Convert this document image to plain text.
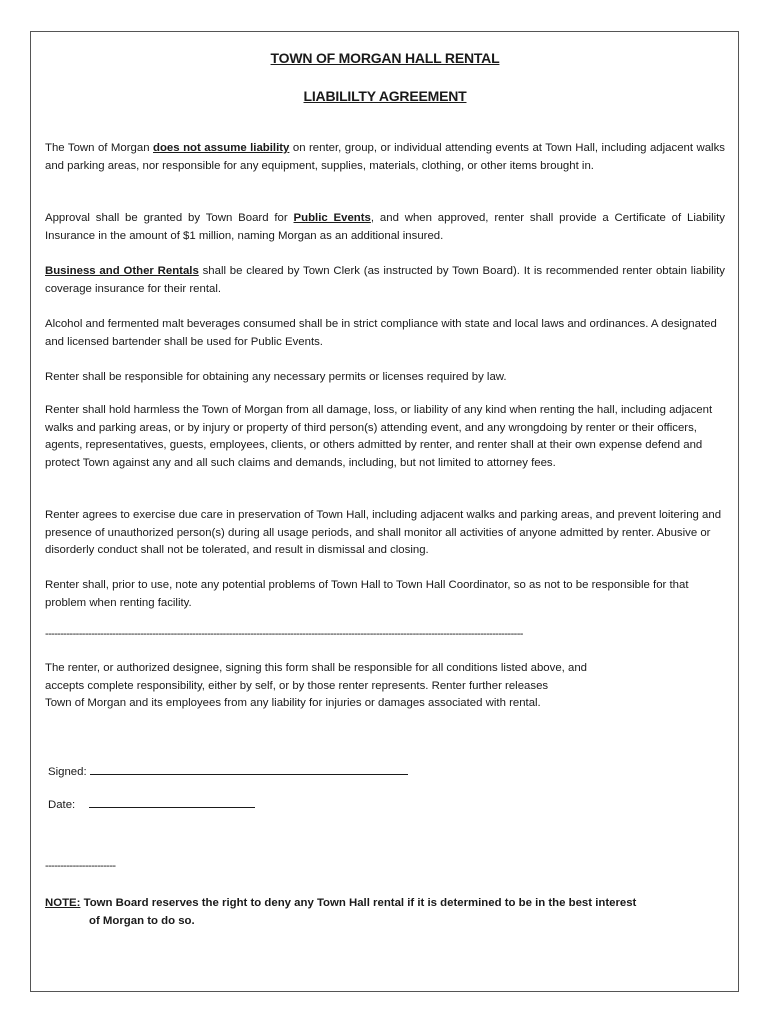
TOWN OF MORGAN HALL RENTAL
LIABILILTY AGREEMENT

The Town of Morgan does not assume liability on renter, group, or individual attending events at Town Hall, including adjacent walks and parking areas, nor responsible for any equipment, supplies, materials, clothing, or other items brought in.

Approval shall be granted by Town Board for Public Events, and when approved, renter shall provide a Certificate of Liability Insurance in the amount of $1 million, naming Morgan as an additional insured.

Business and Other Rentals shall be cleared by Town Clerk (as instructed by Town Board). It is recommended renter obtain liability coverage insurance for their rental.

Alcohol and fermented malt beverages consumed shall be in strict compliance with state and local laws and ordinances. A designated and licensed bartender shall be used for Public Events.

Renter shall be responsible for obtaining any necessary permits or licenses required by law.

Renter shall hold harmless the Town of Morgan from all damage, loss, or liability of any kind when renting the hall, including adjacent walks and parking areas, or by injury or property of third person(s) attending event, and any wrongdoing by renter or their officers, agents, representatives, guests, employees, clients, or others admitted by renter, and renter shall at their own expense defend and protect Town against any and all such claims and demands, including, but not limited to attorney fees.

Renter agrees to exercise due care in preservation of Town Hall, including adjacent walks and parking areas, and prevent loitering and presence of unauthorized person(s) during all usage periods, and shall monitor all activities of anyone admitted by renter. Abusive or disorderly conduct shall not be tolerated, and result in dismissal and closing.

Renter shall, prior to use, note any potential problems of Town Hall to Town Hall Coordinator, so as not to be responsible for that problem when renting facility.

------------------------------------------------------------------------------------------------------------------------------------------------------------

The renter, or authorized designee, signing this form shall be responsible for all conditions listed above, and
accepts complete responsibility, either by self, or by those renter represents. Renter further releases
Town of Morgan and its employees from any liability for injuries or damages associated with rental.

Signed:
Date:
-----------------------
NOTE: Town Board reserves the right to deny any Town Hall rental if it is determined to be in the best interest
of Morgan to do so.
